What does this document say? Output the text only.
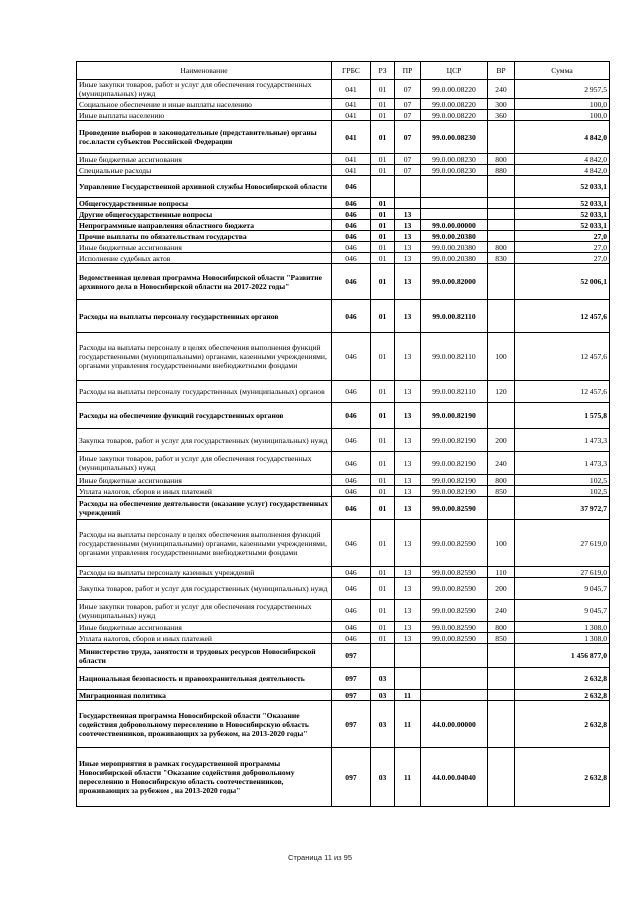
Наименование	ГРБС	РЗ	ПР	ЦСР	ВР	Сумма
Иные закупки товаров, работ и услуг для обеспечения государственных (муниципальных) нужд	041	01	07	99.0.00.08220	240	2 957,5
Социальное обеспечение и иные выплаты населению	041	01	07	99.0.00.08220	300	100,0
Иные выплаты населению	041	01	07	99.0.00.08220	360	100,0
Проведение выборов в законодательные (представительные) органы гос.власти субъектов Российской Федерации	041	01	07	99.0.00.08230		4 842,0
Иные бюджетные ассигнования	041	01	07	99.0.00.08230	800	4 842,0
Специальные расходы	041	01	07	99.0.00.08230	880	4 842,0
Управление Государственной архивной службы Новосибирской области	046					52 033,1
Общегосударственные вопросы	046	01				52 033,1
Другие общегосударственные вопросы	046	01	13			52 033,1
Непрограммные направления областного бюджета	046	01	13	99.0.00.00000		52 033,1
Прочие выплаты по обязательствам государства	046	01	13	99.0.00.20380		27,0
Иные бюджетные ассигнования	046	01	13	99.0.00.20380	800	27,0
Исполнение судебных актов	046	01	13	99.0.00.20380	830	27,0
Ведомственная целевая программа Новосибирской области "Развитие архивного дела в Новосибирской области на 2017-2022 годы"	046	01	13	99.0.00.82000		52 006,1
Расходы на выплаты персоналу государственных органов	046	01	13	99.0.00.82110		12 457,6
Расходы на выплаты персоналу в целях обеспечения выполнения функций государственными (муниципальными) органами, казенными учреждениями, органами управления государственными внебюджетными фондами	046	01	13	99.0.00.82110	100	12 457,6
Расходы на выплаты персоналу государственных (муниципальных) органов	046	01	13	99.0.00.82110	120	12 457,6
Расходы на обеспечение функций государственных органов	046	01	13	99.0.00.82190		1 575,8
Закупка товаров, работ и услуг для государственных (муниципальных) нужд	046	01	13	99.0.00.82190	200	1 473,3
Иные закупки товаров, работ и услуг для обеспечения государственных (муниципальных) нужд	046	01	13	99.0.00.82190	240	1 473,3
Иные бюджетные ассигнования	046	01	13	99.0.00.82190	800	102,5
Уплата налогов, сборов и иных платежей	046	01	13	99.0.00.82190	850	102,5
Расходы на обеспечение деятельности (оказание услуг) государственных учреждений	046	01	13	99.0.00.82590		37 972,7
Расходы на выплаты персоналу в целях обеспечения выполнения функций государственными (муниципальными) органами, казенными учреждениями, органами управления государственными внебюджетными фондами	046	01	13	99.0.00.82590	100	27 619,0
Расходы на выплаты персоналу казенных учреждений	046	01	13	99.0.00.82590	110	27 619,0
Закупка товаров, работ и услуг для государственных (муниципальных) нужд	046	01	13	99.0.00.82590	200	9 045,7
Иные закупки товаров, работ и услуг для обеспечения государственных (муниципальных) нужд	046	01	13	99.0.00.82590	240	9 045,7
Иные бюджетные ассигнования	046	01	13	99.0.00.82590	800	1 308,0
Уплата налогов, сборов и иных платежей	046	01	13	99.0.00.82590	850	1 308,0
Министерство труда, занятости и трудовых ресурсов Новосибирской области	097					1 456 877,0
Национальная безопасность и правоохранительная деятельность	097	03				2 632,8
Миграционная политика	097	03	11			2 632,8
Государственная программа Новосибирской области "Оказание содействия добровольному переселению в Новосибирскую область соотечественников, проживающих за рубежом, на 2013-2020 годы"	097	03	11	44.0.00.00000		2 632,8
Иные мероприятия в рамках государственной программы Новосибирской области "Оказание содействия добровольному переселению в Новосибирскую область соотечественников, проживающих за рубежом , на 2013-2020 годы"	097	03	11	44.0.00.04040		2 632,8
Страница 11 из 95
